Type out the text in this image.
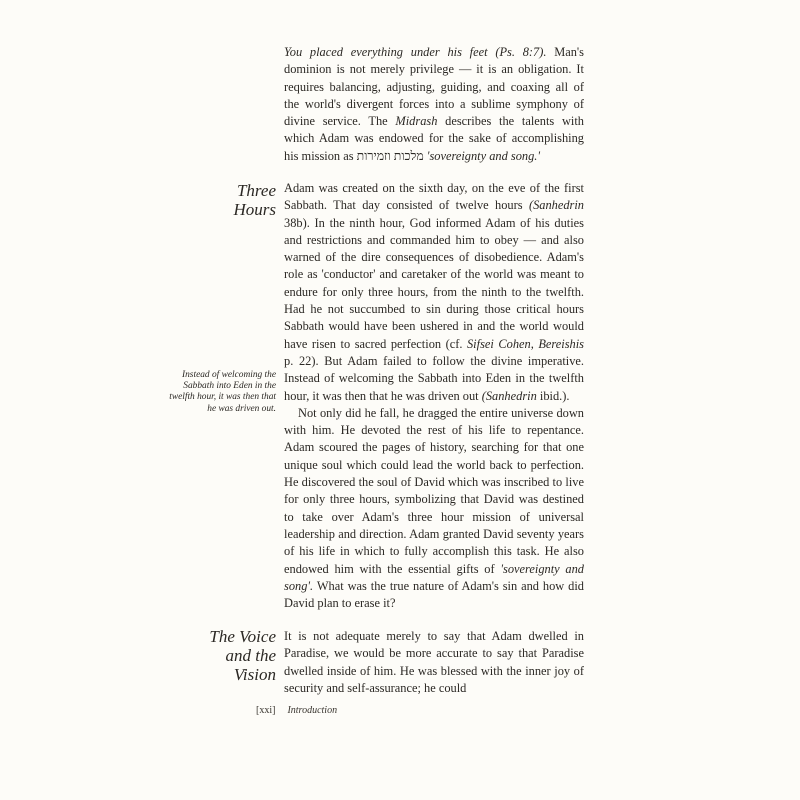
You placed everything under his feet (Ps. 8:7). Man's dominion is not merely privilege — it is an obligation. It requires balancing, adjusting, guiding, and coaxing all of the world's divergent forces into a sublime symphony of divine service. The Midrash describes the talents with which Adam was endowed for the sake of accomplishing his mission as מלכות וזמירות 'sovereignty and song.'

Three
Hours

Adam was created on the sixth day, on the eve of the first Sabbath. That day consisted of twelve hours (Sanhedrin 38b). In the ninth hour, God informed Adam of his duties and restrictions and commanded him to obey — and also warned of the dire consequences of disobedience. Adam's role as 'conductor' and caretaker of the world was meant to endure for only three hours, from the ninth to the twelfth. Had he not succumbed to sin during those critical hours Sabbath would have been ushered in and the world would have risen to sacred perfection (cf. Sifsei Cohen, Bereishis p. 22). But Adam failed to follow the divine imperative. Instead of welcoming the Sabbath into Eden in the twelfth hour, it was then that he was driven out (Sanhedrin ibid.).

Not only did he fall, he dragged the entire universe down with him. He devoted the rest of his life to repentance. Adam scoured the pages of history, searching for that one unique soul which could lead the world back to perfection. He discovered the soul of David which was inscribed to live for only three hours, symbolizing that David was destined to take over Adam's three hour mission of universal leadership and direction. Adam granted David seventy years of his life in which to fully accomplish this task. He also endowed him with the essential gifts of 'sovereignty and song'. What was the true nature of Adam's sin and how did David plan to erase it?

Instead of welcoming the Sabbath into Eden in the twelfth hour, it was then that he was driven out.
The Voice
and the
Vision

It is not adequate merely to say that Adam dwelled in Paradise, we would be more accurate to say that Paradise dwelled inside of him. He was blessed with the inner joy of security and self-assurance; he could

[xxi] Introduction
